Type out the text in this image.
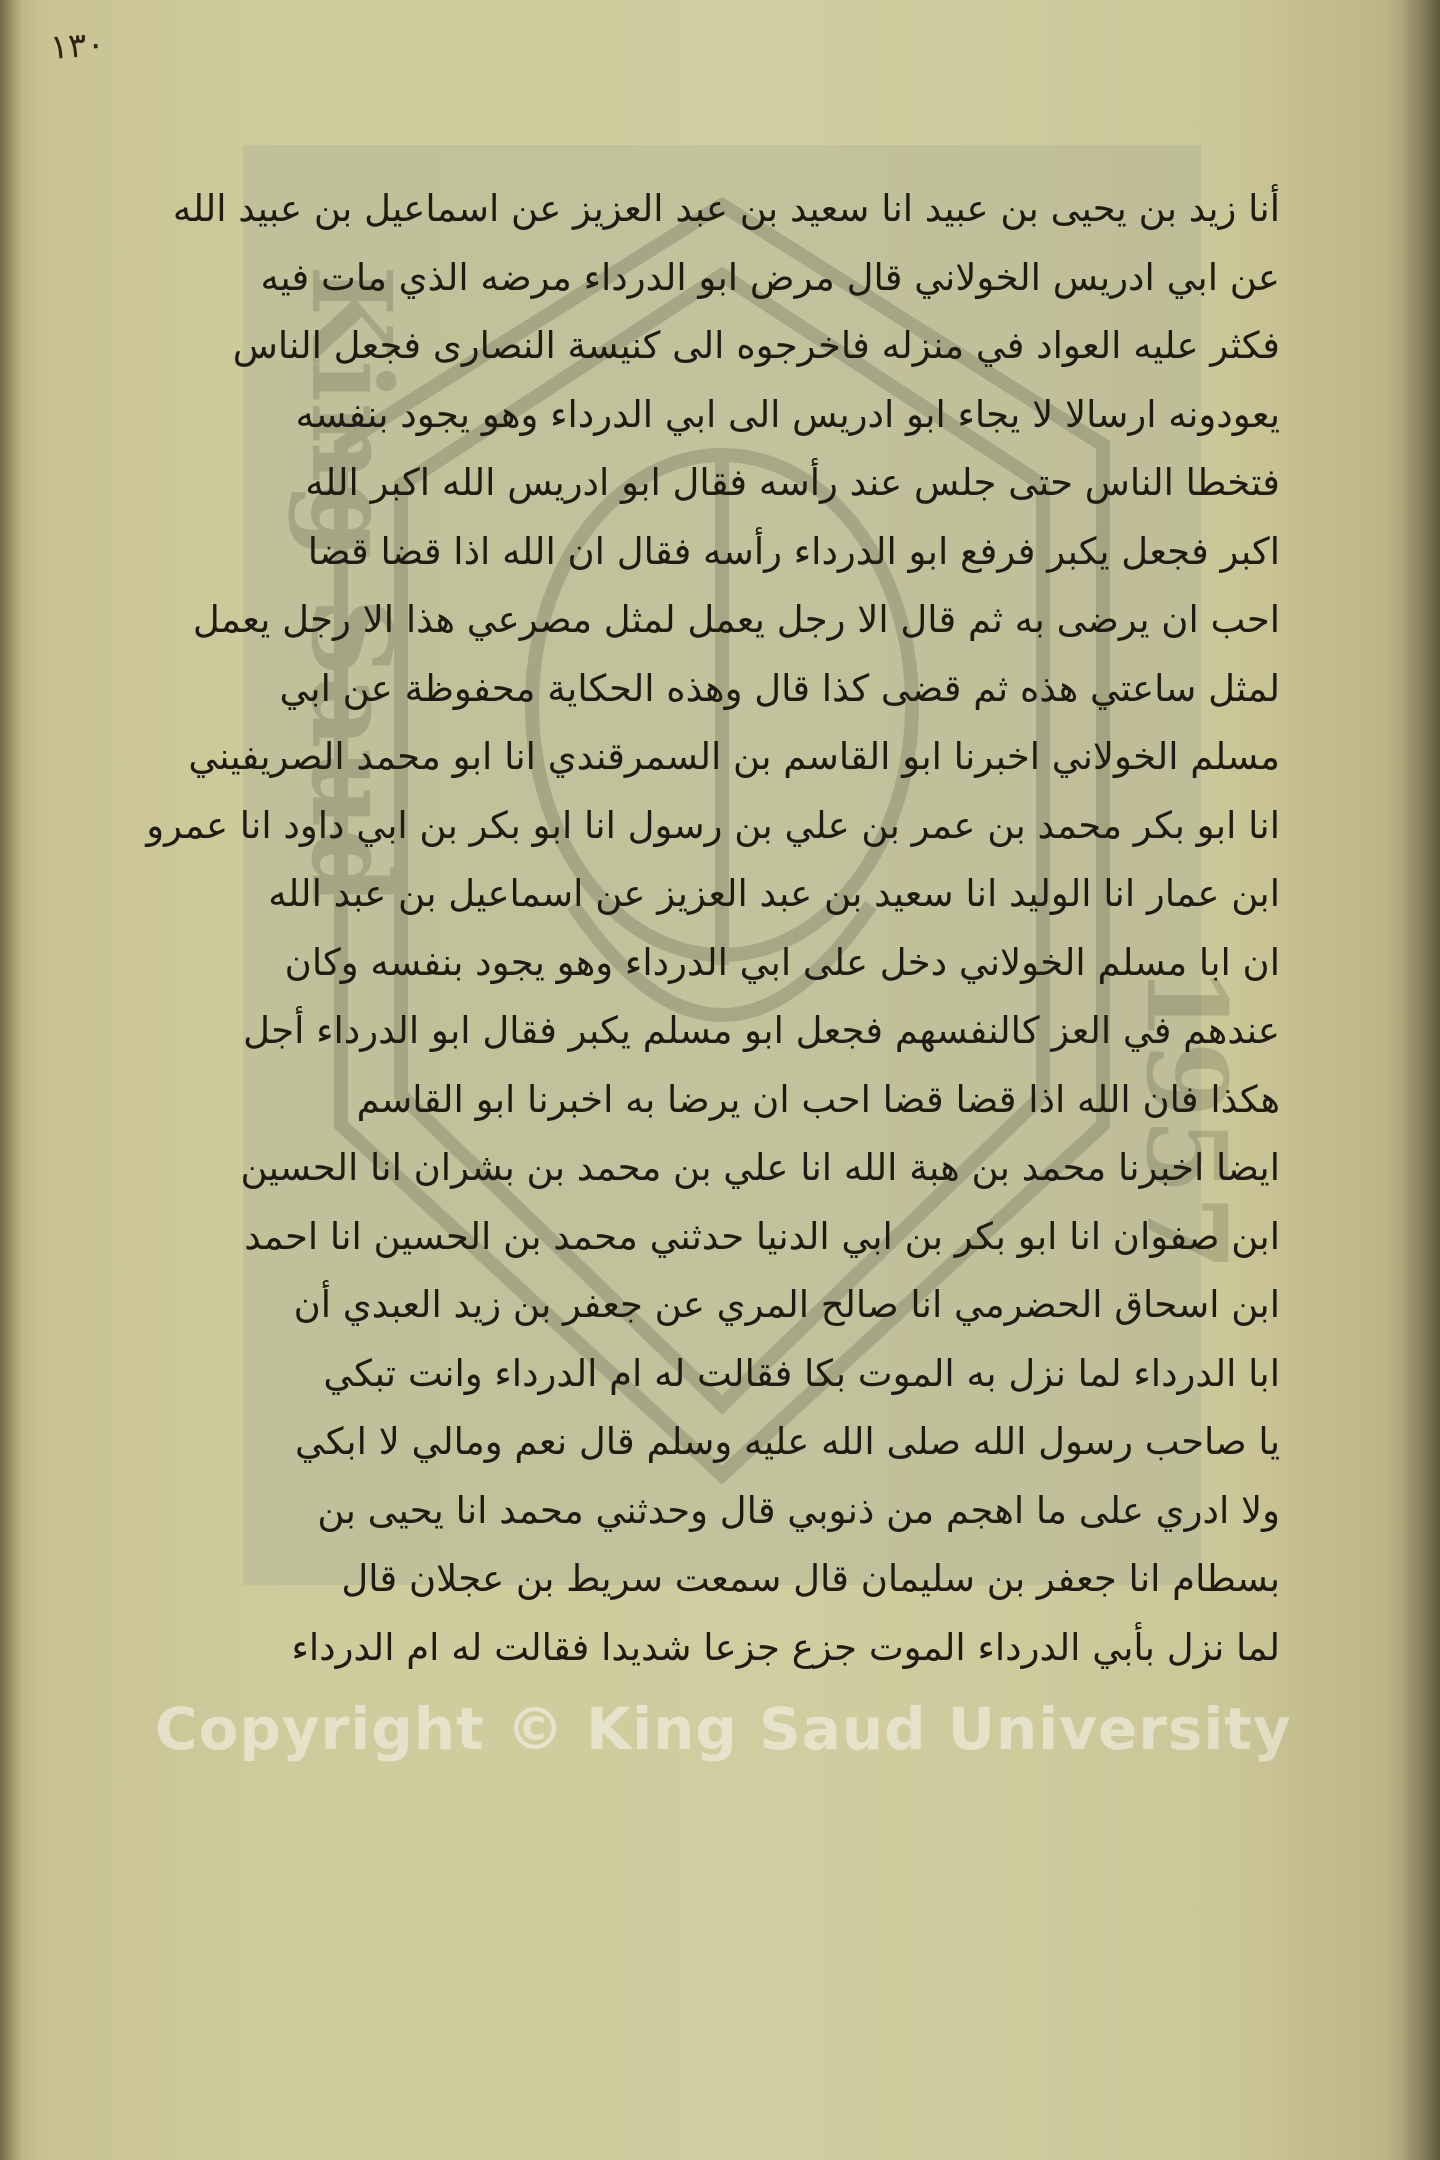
King Saud
1957
١٣٠
أنا زيد بن يحيى بن عبيد انا سعيد بن عبد العزيز عن اسماعيل بن عبيد الله
عن ابي ادريس الخولاني قال مرض ابو الدرداء مرضه الذي مات فيه
فكثر عليه العواد في منزله فاخرجوه الى كنيسة النصارى فجعل الناس
يعودونه ارسالا لا يجاء ابو ادريس الى ابي الدرداء وهو يجود بنفسه
فتخطا الناس حتى جلس عند رأسه فقال ابو ادريس الله اكبر الله
اكبر فجعل يكبر فرفع ابو الدرداء رأسه فقال ان الله اذا قضا قضا
احب ان يرضى به ثم قال الا رجل يعمل لمثل مصرعي هذا الا رجل يعمل
لمثل ساعتي هذه ثم قضى كذا قال وهذه الحكاية محفوظة عن ابي
مسلم الخولاني اخبرنا ابو القاسم بن السمرقندي انا ابو محمد الصريفيني
انا ابو بكر محمد بن عمر بن علي بن رسول انا ابو بكر بن ابي داود انا عمرو
ابن عمار انا الوليد انا سعيد بن عبد العزيز عن اسماعيل بن عبد الله
ان ابا مسلم الخولاني دخل على ابي الدرداء وهو يجود بنفسه وكان
عندهم في العز كالنفسهم فجعل ابو مسلم يكبر فقال ابو الدرداء أجل
هكذا فان الله اذا قضا قضا احب ان يرضا به اخبرنا ابو القاسم
ايضا اخبرنا محمد بن هبة الله انا علي بن محمد بن بشران انا الحسين
ابن صفوان انا ابو بكر بن ابي الدنيا حدثني محمد بن الحسين انا احمد
ابن اسحاق الحضرمي انا صالح المري عن جعفر بن زيد العبدي أن
ابا الدرداء لما نزل به الموت بكا فقالت له ام الدرداء وانت تبكي
يا صاحب رسول الله صلى الله عليه وسلم قال نعم ومالي لا ابكي
ولا ادري على ما اهجم من ذنوبي قال وحدثني محمد انا يحيى بن
بسطام انا جعفر بن سليمان قال سمعت سريط بن عجلان قال
لما نزل بأبي الدرداء الموت جزع جزعا شديدا فقالت له ام الدرداء
Copyright © King Saud University
